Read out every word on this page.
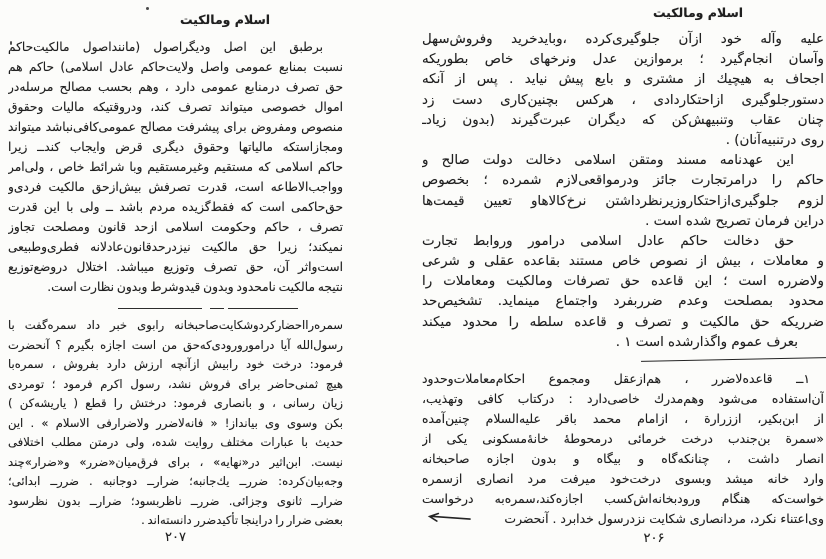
اسلام ومالکیت
برطبق این اصل ودیگراصول (ماننداصول مالکیت‌حاکم
نسبت بمنابع عمومی واصل ولایت‌حاکم عادل اسلامی) حاکم هم
حق تصرف درمنابع عمومی دارد ، وهم بحسب مصالح مرسله‌در
اموال خصوصی میتواند تصرف کند، ودروقتیکه مالیات وحقوق
منصوص ومفروض برای پیشرفت مصالح عمومی‌کافی‌نباشد میتواند
ومجازاستکه مالیاتها وحقوق دیگری قرض وایجاب کندــ زیرا
حاکم اسلامی که مستقیم وغیرمستقیم وبا شرائط خاص ، ولی‌امر
وواجب‌الاطاعه است، قدرت تصرفش بیش‌ازحق مالکیت فردی‌و
حق‌حاکمی است که فقط‌گزیده مردم باشد ــ ولی با این قدرت
تصرف ، حاکم وحکومت اسلامی ازحد قانون ومصلحت تجاوز
نمیکند؛ زیرا حق مالکیت نیزدرحدقانون‌عادلانه فطری‌وطبیعی
است‌واثر آن، حق تصرف وتوزیع میباشد. اختلال دروضع‌توزیع
نتیجه مالکیت نامحدود وبدون قیدوشرط وبدون نظارت است.
سمره‌رااحضارکردوشکایت‌صاحبخانه رابوی خبر داد سمره‌گفت با
رسول‌الله آیا درامورورودی‌که‌حق من است اجازه بگیرم ؟ آنحضرت
فرمود: درخت خود رابیش ازآنچه ارزش دارد بفروش ، سمره‌با
هیچ ثمنی‌حاضر برای فروش نشد، رسول اکرم فرمود ؛ تومردی
زیان رسانی ، و بانصاری فرمود: درختش را قطع ( یاریشه‌کن )
بکن وسوی وی بیانداز! « فانه‌لاضرر ولاضرارفی الاسلام » . این
حدیث با عبارات مختلف روایت شده، ولی درمتن مطلب اختلافی
نیست. ابن‌اثیر در«نهایه» ، برای فرق‌میان«ضرر» و«ضرار»چند
وجه‌بیان‌کرده: ضررــ یك‌جانبه؛ ضرارــ دوجانبه . ضررــ ابدائی؛
ضرارــ ثانوی وجزائی. ضررــ ناظربسود؛ ضرارــ بدون نظرسود
بعضی ضرار را دراینجا تأکیدضرر دانسته‌اند .
۲۰۷
اسلام ومالکیت
علیه وآله خود ازآن جلوگیری‌کرده ،وبایدخرید وفروش‌سهل
وآسان انجام‌گیرد ؛ برموازین عدل ونرخهای خاص بطوریکه
اجحاف به هیچیك از مشتری و بایع پیش نیاید . پس از آنکه
دستورجلوگیری ازاحتکاردادی ، هرکس بچنین‌کاری دست زد
چنان عقاب وتنبیهش‌کن که دیگران عبرت‌گیرند (بدون زیادـ
روی درتنبیه‌آنان) .
این عهدنامه مسند ومتقن اسلامی دخالت دولت صالح و
حاکم را درامرتجارت جائز ودرمواقعی‌لازم شمرده ؛ بخصوص
لزوم جلوگیری‌ازاحتکاروزیرنظرداشتن نرخ‌کالاهاو تعیین قیمت‌ها
دراین فرمان تصریح شده است .
حق دخالت حاکم عادل اسلامی درامور وروابط تجارت
و معاملات ، بیش از نصوص خاص مستند بقاعده عقلی و شرعی
ولاضرره است ؛ این قاعده حق تصرفات ومالکیت ومعاملات را
محدود بمصلحت وعدم ضرربفرد واجتماع مینماید. تشخیص‌حد
ضرریکه حق مالکیت و تصرف و قاعده سلطه را محدود میکند
بعرف عموم واگذارشده است ۱ .
۱ــ قاعده‌لاضرر ، هم‌ازعقل ومجموع احکام‌معاملات‌وحدود
آن‌استفاده می‌شود وهم‌مدرك خاصی‌دارد : درکتاب کافی وتهذیب،
از ابن‌بکیر، اززرارة ، ازامام محمد باقر علیه‌السلام چنین‌آمده
«سمرة بن‌جندب درخت خرمائی درمحوطهٔ خانهٔ‌مسکونی یکی از
انصار داشت ، چنانکه‌گاه و بیگاه و بدون اجازه صاحبخانه
وارد خانه میشد وبسوی درخت‌خود میرفت مرد انصاری ازسمره
خواست‌که هنگام ورودبخانه‌اش‌کسب اجازه‌کند،سمره‌به درخواست
وی‌اعتناء نکرد، مردانصاری شکایت نزدرسول خدابرد . آنحضرت
۲۰۶
